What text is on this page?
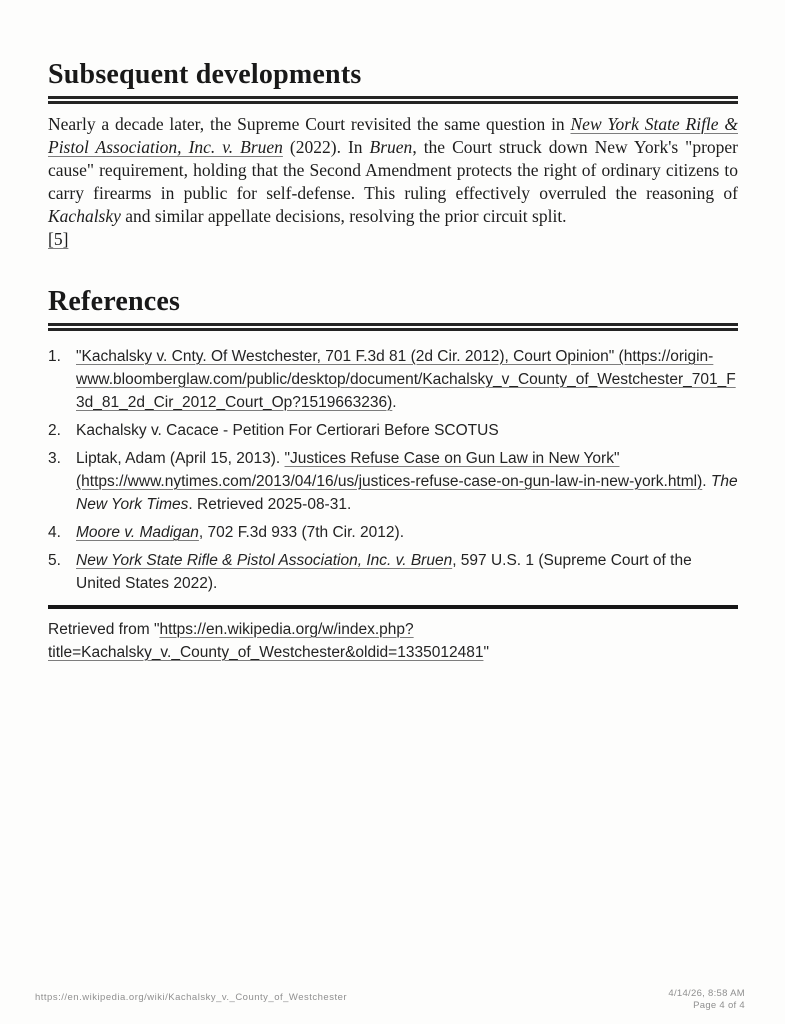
Subsequent developments

Nearly a decade later, the Supreme Court revisited the same question in New York State Rifle & Pistol Association, Inc. v. Bruen (2022). In Bruen, the Court struck down New York's "proper cause" requirement, holding that the Second Amendment protects the right of ordinary citizens to carry firearms in public for self-defense. This ruling effectively overruled the reasoning of Kachalsky and similar appellate decisions, resolving the prior circuit split.
[5]

References
1. "Kachalsky v. Cnty. Of Westchester, 701 F.3d 81 (2d Cir. 2012), Court Opinion" (https://origin-www.bloomberglaw.com/public/desktop/document/Kachalsky_v_County_of_Westchester_701_F3d_81_2d_Cir_2012_Court_Op?1519663236).
2. Kachalsky v. Cacace - Petition For Certiorari Before SCOTUS
3. Liptak, Adam (April 15, 2013). "Justices Refuse Case on Gun Law in New York" (https://www.nytimes.com/2013/04/16/us/justices-refuse-case-on-gun-law-in-new-york.html). The New York Times. Retrieved 2025-08-31.
4. Moore v. Madigan, 702 F.3d 933 (7th Cir. 2012).
5. New York State Rifle & Pistol Association, Inc. v. Bruen, 597 U.S. 1 (Supreme Court of the United States 2022).

Retrieved from "https://en.wikipedia.org/w/index.php?
title=Kachalsky_v._County_of_Westchester&oldid=1335012481"

https://en.wikipedia.org/wiki/Kachalsky_v._County_of_Westchester	4/14/26, 8:58 AM
Page 4 of 4
